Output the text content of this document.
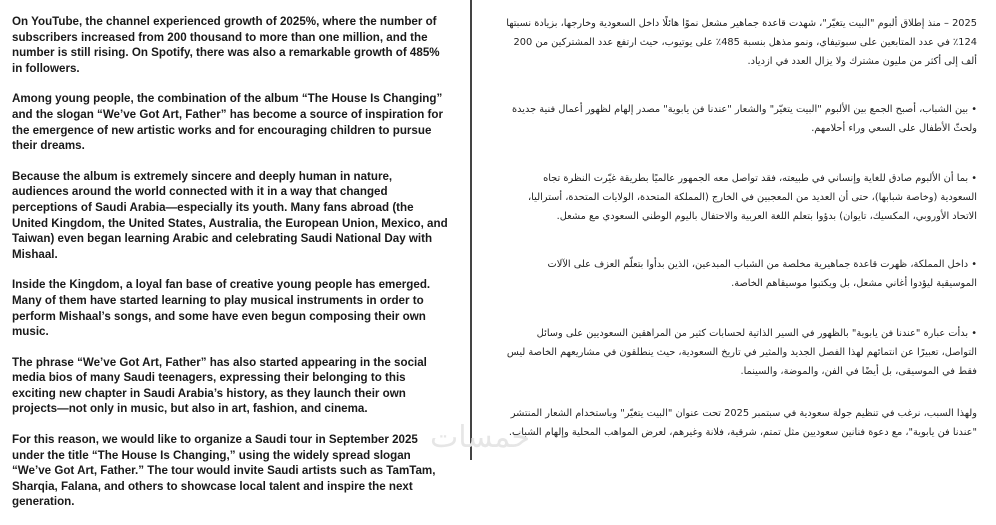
On YouTube, the channel experienced growth of 2025%, where the number of subscribers increased from 200 thousand to more than one million, and the number is still rising. On Spotify, there was also a remarkable growth of 485% in followers.

Among young people, the combination of the album “The House Is Changing” and the slogan “We’ve Got Art, Father” has become a source of inspiration for the emergence of new artistic works and for encouraging children to pursue their dreams.

Because the album is extremely sincere and deeply human in nature, audiences around the world connected with it in a way that changed perceptions of Saudi Arabia—especially its youth. Many fans abroad (the United Kingdom, the United States, Australia, the European Union, Mexico, and Taiwan) even began learning Arabic and celebrating Saudi National Day with Mishaal.

Inside the Kingdom, a loyal fan base of creative young people has emerged. Many of them have started learning to play musical instruments in order to perform Mishaal’s songs, and some have even begun composing their own music.

The phrase “We’ve Got Art, Father” has also started appearing in the social media bios of many Saudi teenagers, expressing their belonging to this exciting new chapter in Saudi Arabia’s history, as they launch their own projects—not only in music, but also in art, fashion, and cinema.

For this reason, we would like to organize a Saudi tour in September 2025 under the title “The House Is Changing,” using the widely spread slogan “We’ve Got Art, Father.” The tour would invite Saudi artists such as TamTam, Sharqia, Falana, and others to showcase local talent and inspire the next generation.

2025 – منذ إطلاق ألبوم "البيت يتغيّر"، شهدت قاعدة جماهير مشعل نموًا هائلًا داخل السعودية وخارجها، بزيادة نسبتها 124٪ في عدد المتابعين على سبوتيفاي، ونمو مذهل بنسبة 485٪ على يوتيوب، حيث ارتفع عدد المشتركين من 200 ألف إلى أكثر من مليون مشترك ولا يزال العدد في ازدياد.

• بين الشباب، أصبح الجمع بين الألبوم "البيت يتغيّر" والشعار "عندنا فن يابوية" مصدر إلهام لظهور أعمال فنية جديدة ولحثّ الأطفال على السعي وراء أحلامهم.

• بما أن الألبوم صادق للغاية وإنساني في طبيعته، فقد تواصل معه الجمهور عالميًا بطريقة غيّرت النظرة تجاه السعودية (وخاصة شبابها)، حتى أن العديد من المعجبين في الخارج (المملكة المتحدة، الولايات المتحدة، أستراليا، الاتحاد الأوروبي، المكسيك، تايوان) بدؤوا بتعلم اللغة العربية والاحتفال باليوم الوطني السعودي مع مشعل.

• داخل المملكة، ظهرت قاعدة جماهيرية مخلصة من الشباب المبدعين، الذين بدأوا بتعلّم العزف على الآلات الموسيقية ليؤدوا أغاني مشعل، بل ويكتبوا موسيقاهم الخاصة.

• بدأت عبارة "عندنا فن يابوية" بالظهور في السير الذاتية لحسابات كثير من المراهقين السعوديين على وسائل التواصل، تعبيرًا عن انتمائهم لهذا الفصل الجديد والمثير في تاريخ السعودية، حيث ينطلقون في مشاريعهم الخاصة ليس فقط في الموسيقى، بل أيضًا في الفن، والموضة، والسينما.

ولهذا السبب، نرغب في تنظيم جولة سعودية في سبتمبر 2025 تحت عنوان "البيت يتغيّر" وباستخدام الشعار المنتشر "عندنا فن يابوية"، مع دعوة فنانين سعوديين مثل تمتم، شرقية، فلانة وغيرهم، لعرض المواهب المحلية وإلهام الشباب.

خمسات
